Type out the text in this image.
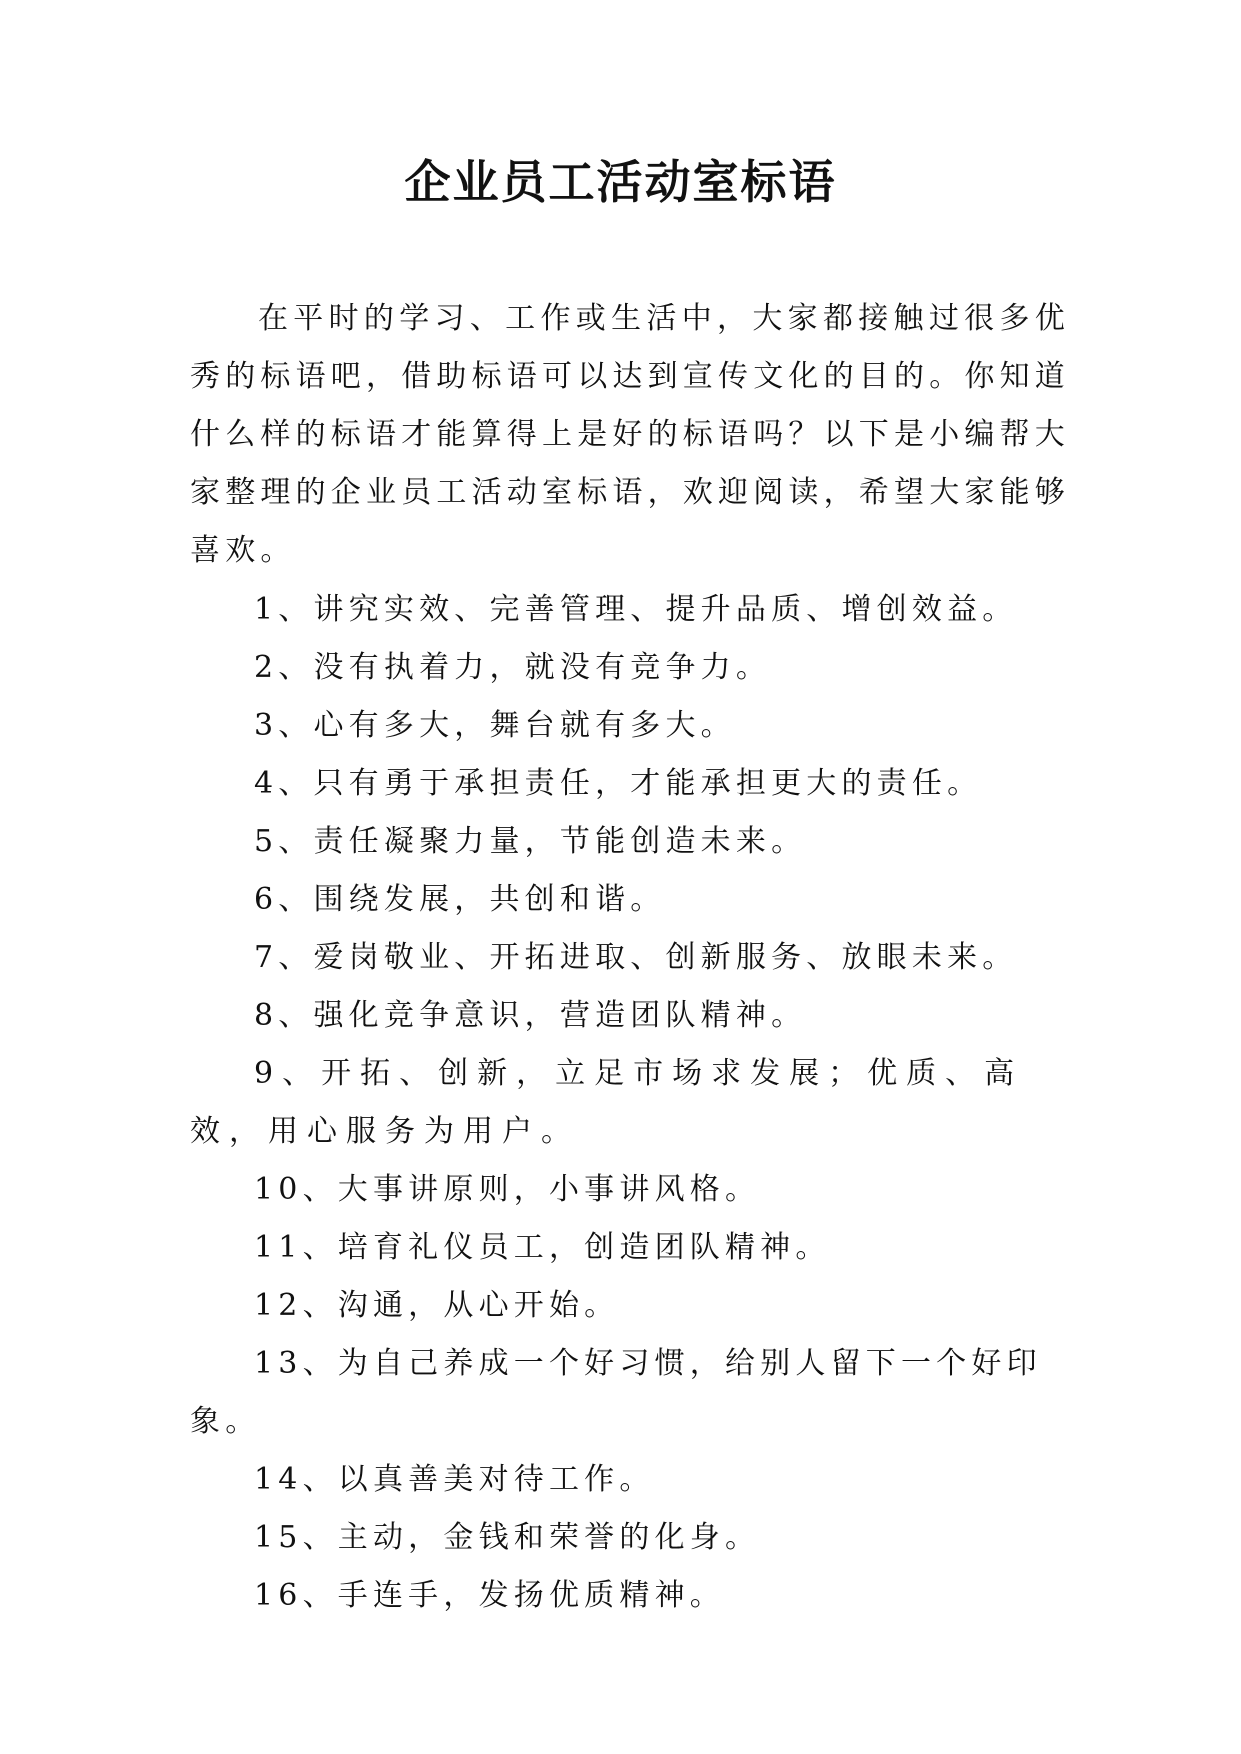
企业员工活动室标语

在平时的学习、工作或生活中，大家都接触过很多优秀的标语吧，借助标语可以达到宣传文化的目的。你知道什么样的标语才能算得上是好的标语吗？以下是小编帮大家整理的企业员工活动室标语，欢迎阅读，希望大家能够喜欢。

1、讲究实效、完善管理、提升品质、增创效益。
2、没有执着力，就没有竞争力。
3、心有多大，舞台就有多大。
4、只有勇于承担责任，才能承担更大的责任。
5、责任凝聚力量，节能创造未来。
6、围绕发展，共创和谐。
7、爱岗敬业、开拓进取、创新服务、放眼未来。
8、强化竞争意识，营造团队精神。
9、开拓、创新，立足市场求发展；优质、高效，用心服务为用户。
10、大事讲原则，小事讲风格。
11、培育礼仪员工，创造团队精神。
12、沟通，从心开始。
13、为自己养成一个好习惯，给别人留下一个好印象。
14、以真善美对待工作。
15、主动，金钱和荣誉的化身。
16、手连手，发扬优质精神。
